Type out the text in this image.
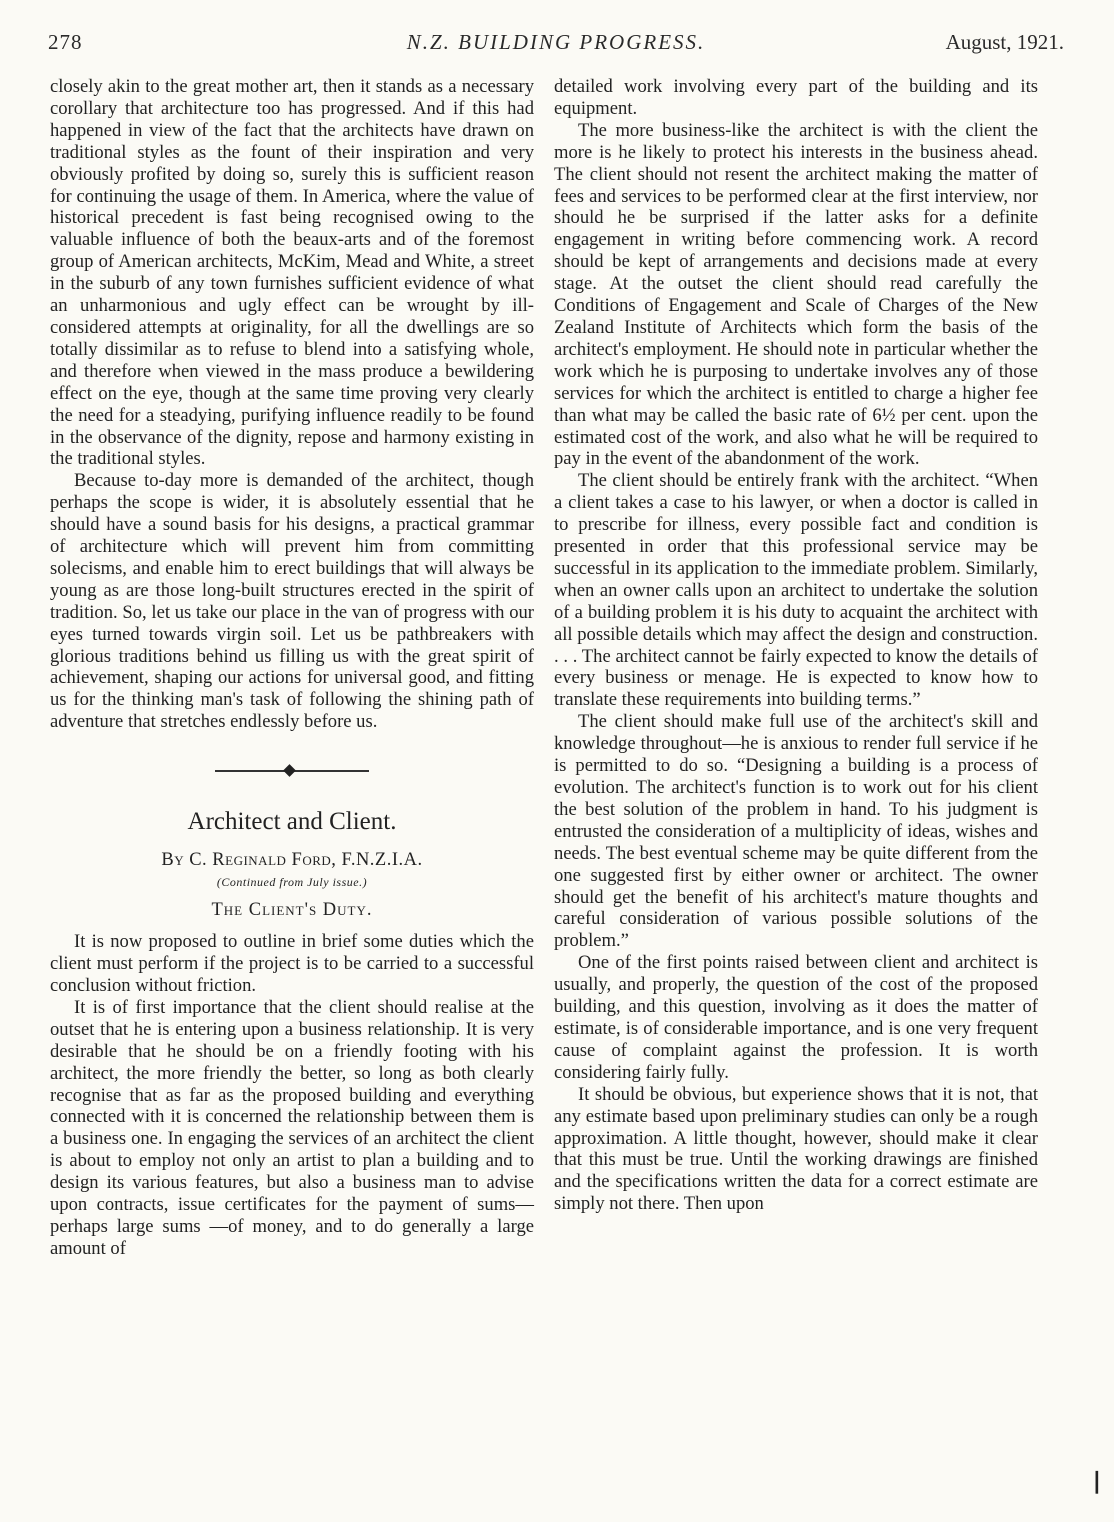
278	N.Z. BUILDING PROGRESS.	August, 1921.

closely akin to the great mother art, then it stands as a necessary corollary that architecture too has progressed. And if this had happened in view of the fact that the architects have drawn on traditional styles as the fount of their inspiration and very obviously profited by doing so, surely this is sufficient reason for continuing the usage of them. In America, where the value of historical precedent is fast being recognised owing to the valuable influence of both the beaux-arts and of the foremost group of American architects, McKim, Mead and White, a street in the suburb of any town furnishes sufficient evidence of what an unharmonious and ugly effect can be wrought by ill-considered attempts at originality, for all the dwellings are so totally dissimilar as to refuse to blend into a satisfying whole, and therefore when viewed in the mass produce a bewildering effect on the eye, though at the same time proving very clearly the need for a steadying, purifying influence readily to be found in the observance of the dignity, repose and harmony existing in the traditional styles.

Because to-day more is demanded of the architect, though perhaps the scope is wider, it is absolutely essential that he should have a sound basis for his designs, a practical grammar of architecture which will prevent him from committing solecisms, and enable him to erect buildings that will always be young as are those long-built structures erected in the spirit of tradition. So, let us take our place in the van of progress with our eyes turned towards virgin soil. Let us be pathbreakers with glorious traditions behind us filling us with the great spirit of achievement, shaping our actions for universal good, and fitting us for the thinking man's task of following the shining path of adventure that stretches endlessly before us.

Architect and Client.
By C. Reginald Ford, F.N.Z.I.A.
(Continued from July issue.)
The Client's Duty.

It is now proposed to outline in brief some duties which the client must perform if the project is to be carried to a successful conclusion without friction.

It is of first importance that the client should realise at the outset that he is entering upon a business relationship. It is very desirable that he should be on a friendly footing with his architect, the more friendly the better, so long as both clearly recognise that as far as the proposed building and everything connected with it is concerned the relationship between them is a business one. In engaging the services of an architect the client is about to employ not only an artist to plan a building and to design its various features, but also a business man to advise upon contracts, issue certificates for the payment of sums—perhaps large sums —of money, and to do generally a large amount of

detailed work involving every part of the building and its equipment.

The more business-like the architect is with the client the more is he likely to protect his interests in the business ahead. The client should not resent the architect making the matter of fees and services to be performed clear at the first interview, nor should he be surprised if the latter asks for a definite engagement in writing before commencing work. A record should be kept of arrangements and decisions made at every stage. At the outset the client should read carefully the Conditions of Engagement and Scale of Charges of the New Zealand Institute of Architects which form the basis of the architect's employment. He should note in particular whether the work which he is purposing to undertake involves any of those services for which the architect is entitled to charge a higher fee than what may be called the basic rate of 6½ per cent. upon the estimated cost of the work, and also what he will be required to pay in the event of the abandonment of the work.

The client should be entirely frank with the architect. “When a client takes a case to his lawyer, or when a doctor is called in to prescribe for illness, every possible fact and condition is presented in order that this professional service may be successful in its application to the immediate problem. Similarly, when an owner calls upon an architect to undertake the solution of a building problem it is his duty to acquaint the architect with all possible details which may affect the design and construction. . . . The architect cannot be fairly expected to know the details of every business or menage. He is expected to know how to translate these requirements into building terms.”

The client should make full use of the architect's skill and knowledge throughout—he is anxious to render full service if he is permitted to do so. “Designing a building is a process of evolution. The architect's function is to work out for his client the best solution of the problem in hand. To his judgment is entrusted the consideration of a multiplicity of ideas, wishes and needs. The best eventual scheme may be quite different from the one suggested first by either owner or architect. The owner should get the benefit of his architect's mature thoughts and careful consideration of various possible solutions of the problem.”

One of the first points raised between client and architect is usually, and properly, the question of the cost of the proposed building, and this question, involving as it does the matter of estimate, is of considerable importance, and is one very frequent cause of complaint against the profession. It is worth considering fairly fully.

It should be obvious, but experience shows that it is not, that any estimate based upon preliminary studies can only be a rough approximation. A little thought, however, should make it clear that this must be true. Until the working drawings are finished and the specifications written the data for a correct estimate are simply not there. Then upon

❘
